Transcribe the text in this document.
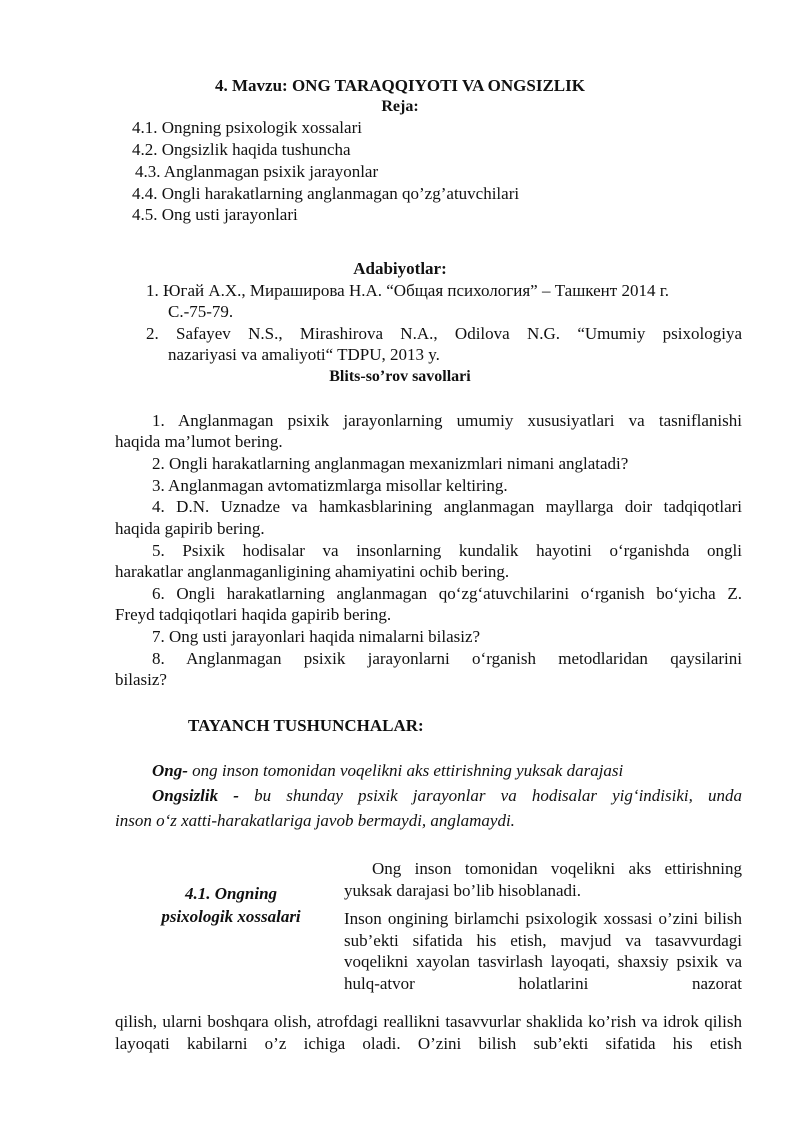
4. Mavzu: ONG TARAQQIYOTI VA ONGSIZLIK
Reja:
4.1. Ongning psixologik xossalari
4.2. Ongsizlik haqida tushuncha
4.3. Anglanmagan psixik jarayonlar
4.4. Ongli harakatlarning anglanmagan qo’zg’atuvchilari
4.5. Ong usti jarayonlari
Adabiyotlar:
1. Югай А.Х., Мираширова Н.А. “Общая психология” – Ташкент 2014 г.
С.-75-79.
2. Safayev N.S., Mirashirova N.A., Odilova N.G. “Umumiy psixologiya
nazariyasi va amaliyoti“ TDPU, 2013 y.
Blits-so’rov savollari
1. Anglanmagan psixik jarayonlarning umumiy xususiyatlari va tasniflanishi
haqida ma’lumot bering.
2. Ongli harakatlarning anglanmagan mexanizmlari nimani anglatadi?
3. Anglanmagan avtomatizmlarga misollar keltiring.
4. D.N. Uznadze va hamkasblarining anglanmagan mayllarga doir tadqiqotlari
haqida gapirib bering.
5. Psixik hodisalar va insonlarning kundalik hayotini o‘rganishda ongli
harakatlar anglanmaganligining ahamiyatini ochib bering.
6. Ongli harakatlarning anglanmagan qo‘zg‘atuvchilarini o‘rganish bo‘yicha Z.
Freyd tadqiqotlari haqida gapirib bering.
7. Ong usti jarayonlari haqida nimalarni bilasiz?
8. Anglanmagan psixik jarayonlarni o‘rganish metodlaridan qaysilarini
bilasiz?
TAYANCH TUSHUNCHALAR:
Ong- ong inson tomonidan voqelikni aks ettirishning yuksak darajasi
Ongsizlik - bu shunday psixik jarayonlar va hodisalar yig‘indisiki, unda
inson o‘z xatti-harakatlariga javob bermaydi, anglamaydi.
4.1. Ongning
psixologik xossalari
Ong inson tomonidan voqelikni aks ettirishning yuksak darajasi bo’lib hisoblanadi.
Inson ongining birlamchi psixologik xossasi o’zini bilish sub’ekti sifatida his etish, mavjud va tasavvurdagi voqelikni xayolan tasvirlash layoqati, shaxsiy psixik va hulq-atvor holatlarini nazorat
qilish, ularni boshqara olish, atrofdagi reallikni tasavvurlar shaklida ko’rish va idrok qilish layoqati kabilarni o’z ichiga oladi. O’zini bilish sub’ekti sifatida his etish
